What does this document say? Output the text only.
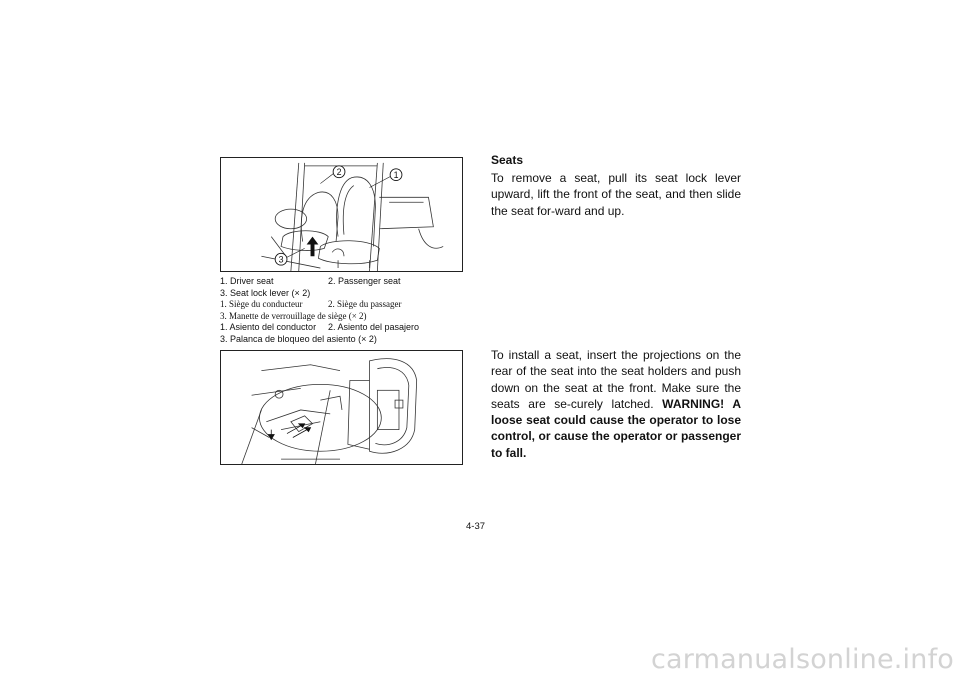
1
2
3
1. Driver seat	2. Passenger seat
3. Seat lock lever (× 2)
1. Siège du conducteur	2. Siège du passager
3. Manette de verrouillage de siège (× 2)
1. Asiento del conductor 2. Asiento del pasajero
3. Palanca de bloqueo del asiento (× 2)
Seats
To remove a seat, pull its seat lock lever upward, lift the front of the seat, and then slide the seat for-ward and up.
To install a seat, insert the projections on the rear of the seat into the seat holders and push down on the seat at the front. Make sure the seats are se-curely latched. WARNING! A loose seat could cause the operator to lose control, or cause the operator or passenger to fall.
4-37
carmanualsonline.info
